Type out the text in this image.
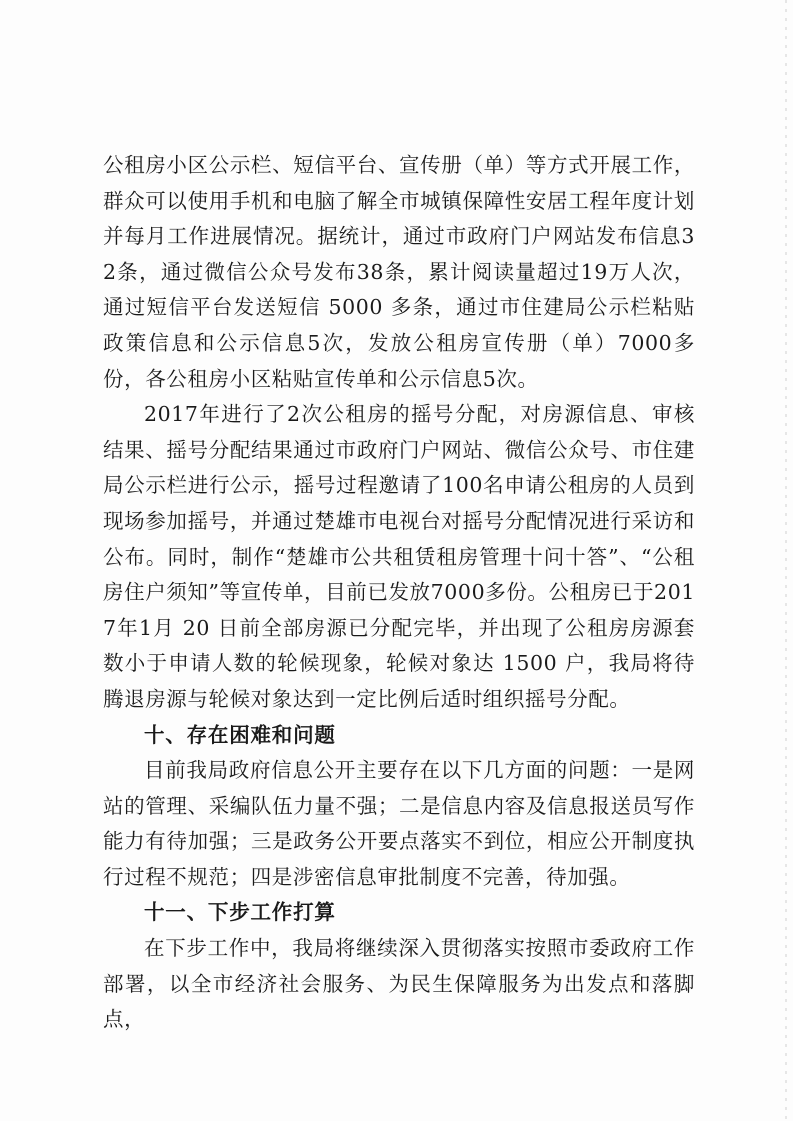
公租房小区公示栏、短信平台、宣传册（单）等方式开展工作，群众可以使用手机和电脑了解全市城镇保障性安居工程年度计划并每月工作进展情况。据统计，通过市政府门户网站发布信息32条，通过微信公众号发布38条，累计阅读量超过19万人次，通过短信平台发送短信 5000 多条，通过市住建局公示栏粘贴政策信息和公示信息5次，发放公租房宣传册（单）7000多份，各公租房小区粘贴宣传单和公示信息5次。

2017年进行了2次公租房的摇号分配，对房源信息、审核结果、摇号分配结果通过市政府门户网站、微信公众号、市住建局公示栏进行公示，摇号过程邀请了100名申请公租房的人员到现场参加摇号，并通过楚雄市电视台对摇号分配情况进行采访和公布。同时，制作“楚雄市公共租赁租房管理十问十答”、“公租房住户须知”等宣传单，目前已发放7000多份。公租房已于2017年1月 20 日前全部房源已分配完毕，并出现了公租房房源套数小于申请人数的轮候现象，轮候对象达 1500 户，我局将待腾退房源与轮候对象达到一定比例后适时组织摇号分配。

十、存在困难和问题

目前我局政府信息公开主要存在以下几方面的问题：一是网站的管理、采编队伍力量不强；二是信息内容及信息报送员写作能力有待加强；三是政务公开要点落实不到位，相应公开制度执行过程不规范；四是涉密信息审批制度不完善，待加强。

十一、下步工作打算

在下步工作中，我局将继续深入贯彻落实按照市委政府工作部署，以全市经济社会服务、为民生保障服务为出发点和落脚点，
